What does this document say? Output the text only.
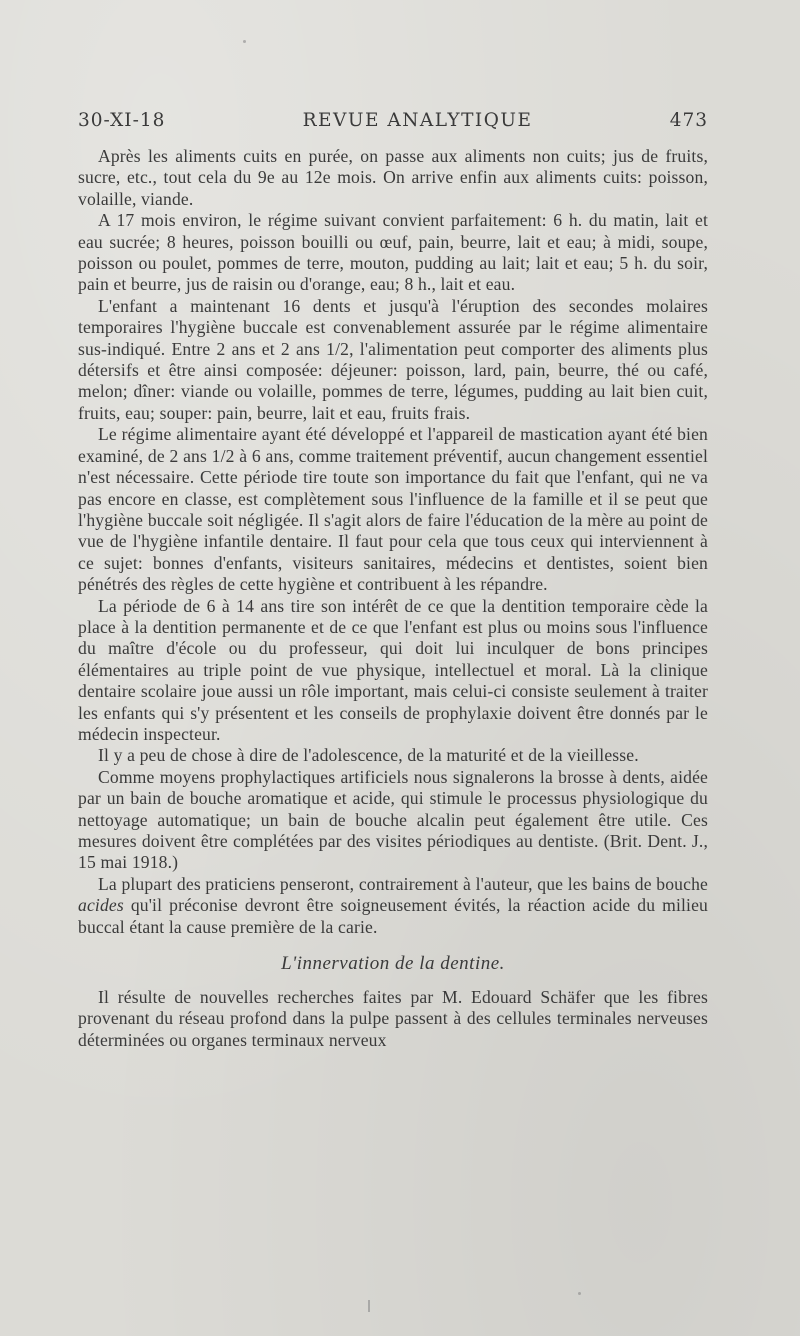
30-XI-18	REVUE ANALYTIQUE	473

Après les aliments cuits en purée, on passe aux aliments non cuits; jus de fruits, sucre, etc., tout cela du 9e au 12e mois. On arrive enfin aux aliments cuits: poisson, volaille, viande.

A 17 mois environ, le régime suivant convient parfaitement: 6 h. du matin, lait et eau sucrée; 8 heures, poisson bouilli ou œuf, pain, beurre, lait et eau; à midi, soupe, poisson ou poulet, pommes de terre, mouton, pudding au lait; lait et eau; 5 h. du soir, pain et beurre, jus de raisin ou d'orange, eau; 8 h., lait et eau.

L'enfant a maintenant 16 dents et jusqu'à l'éruption des secondes molaires temporaires l'hygiène buccale est convenablement assurée par le régime alimentaire sus-indiqué. Entre 2 ans et 2 ans 1/2, l'alimentation peut comporter des aliments plus détersifs et être ainsi composée: déjeuner: poisson, lard, pain, beurre, thé ou café, melon; dîner: viande ou volaille, pommes de terre, légumes, pudding au lait bien cuit, fruits, eau; souper: pain, beurre, lait et eau, fruits frais.

Le régime alimentaire ayant été développé et l'appareil de mastication ayant été bien examiné, de 2 ans 1/2 à 6 ans, comme traitement préventif, aucun changement essentiel n'est nécessaire. Cette période tire toute son importance du fait que l'enfant, qui ne va pas encore en classe, est complètement sous l'influence de la famille et il se peut que l'hygiène buccale soit négligée. Il s'agit alors de faire l'éducation de la mère au point de vue de l'hygiène infantile dentaire. Il faut pour cela que tous ceux qui interviennent à ce sujet: bonnes d'enfants, visiteurs sanitaires, médecins et dentistes, soient bien pénétrés des règles de cette hygiène et contribuent à les répandre.

La période de 6 à 14 ans tire son intérêt de ce que la dentition temporaire cède la place à la dentition permanente et de ce que l'enfant est plus ou moins sous l'influence du maître d'école ou du professeur, qui doit lui inculquer de bons principes élémentaires au triple point de vue physique, intellectuel et moral. Là la clinique dentaire scolaire joue aussi un rôle important, mais celui-ci consiste seulement à traiter les enfants qui s'y présentent et les conseils de prophylaxie doivent être donnés par le médecin inspecteur.

Il y a peu de chose à dire de l'adolescence, de la maturité et de la vieillesse.

Comme moyens prophylactiques artificiels nous signalerons la brosse à dents, aidée par un bain de bouche aromatique et acide, qui stimule le processus physiologique du nettoyage automatique; un bain de bouche alcalin peut également être utile. Ces mesures doivent être complétées par des visites périodiques au dentiste. (Brit. Dent. J., 15 mai 1918.)

La plupart des praticiens penseront, contrairement à l'auteur, que les bains de bouche acides qu'il préconise devront être soigneusement évités, la réaction acide du milieu buccal étant la cause première de la carie.

L'innervation de la dentine.

Il résulte de nouvelles recherches faites par M. Edouard Schäfer que les fibres provenant du réseau profond dans la pulpe passent à des cellules terminales nerveuses déterminées ou organes terminaux nerveux
